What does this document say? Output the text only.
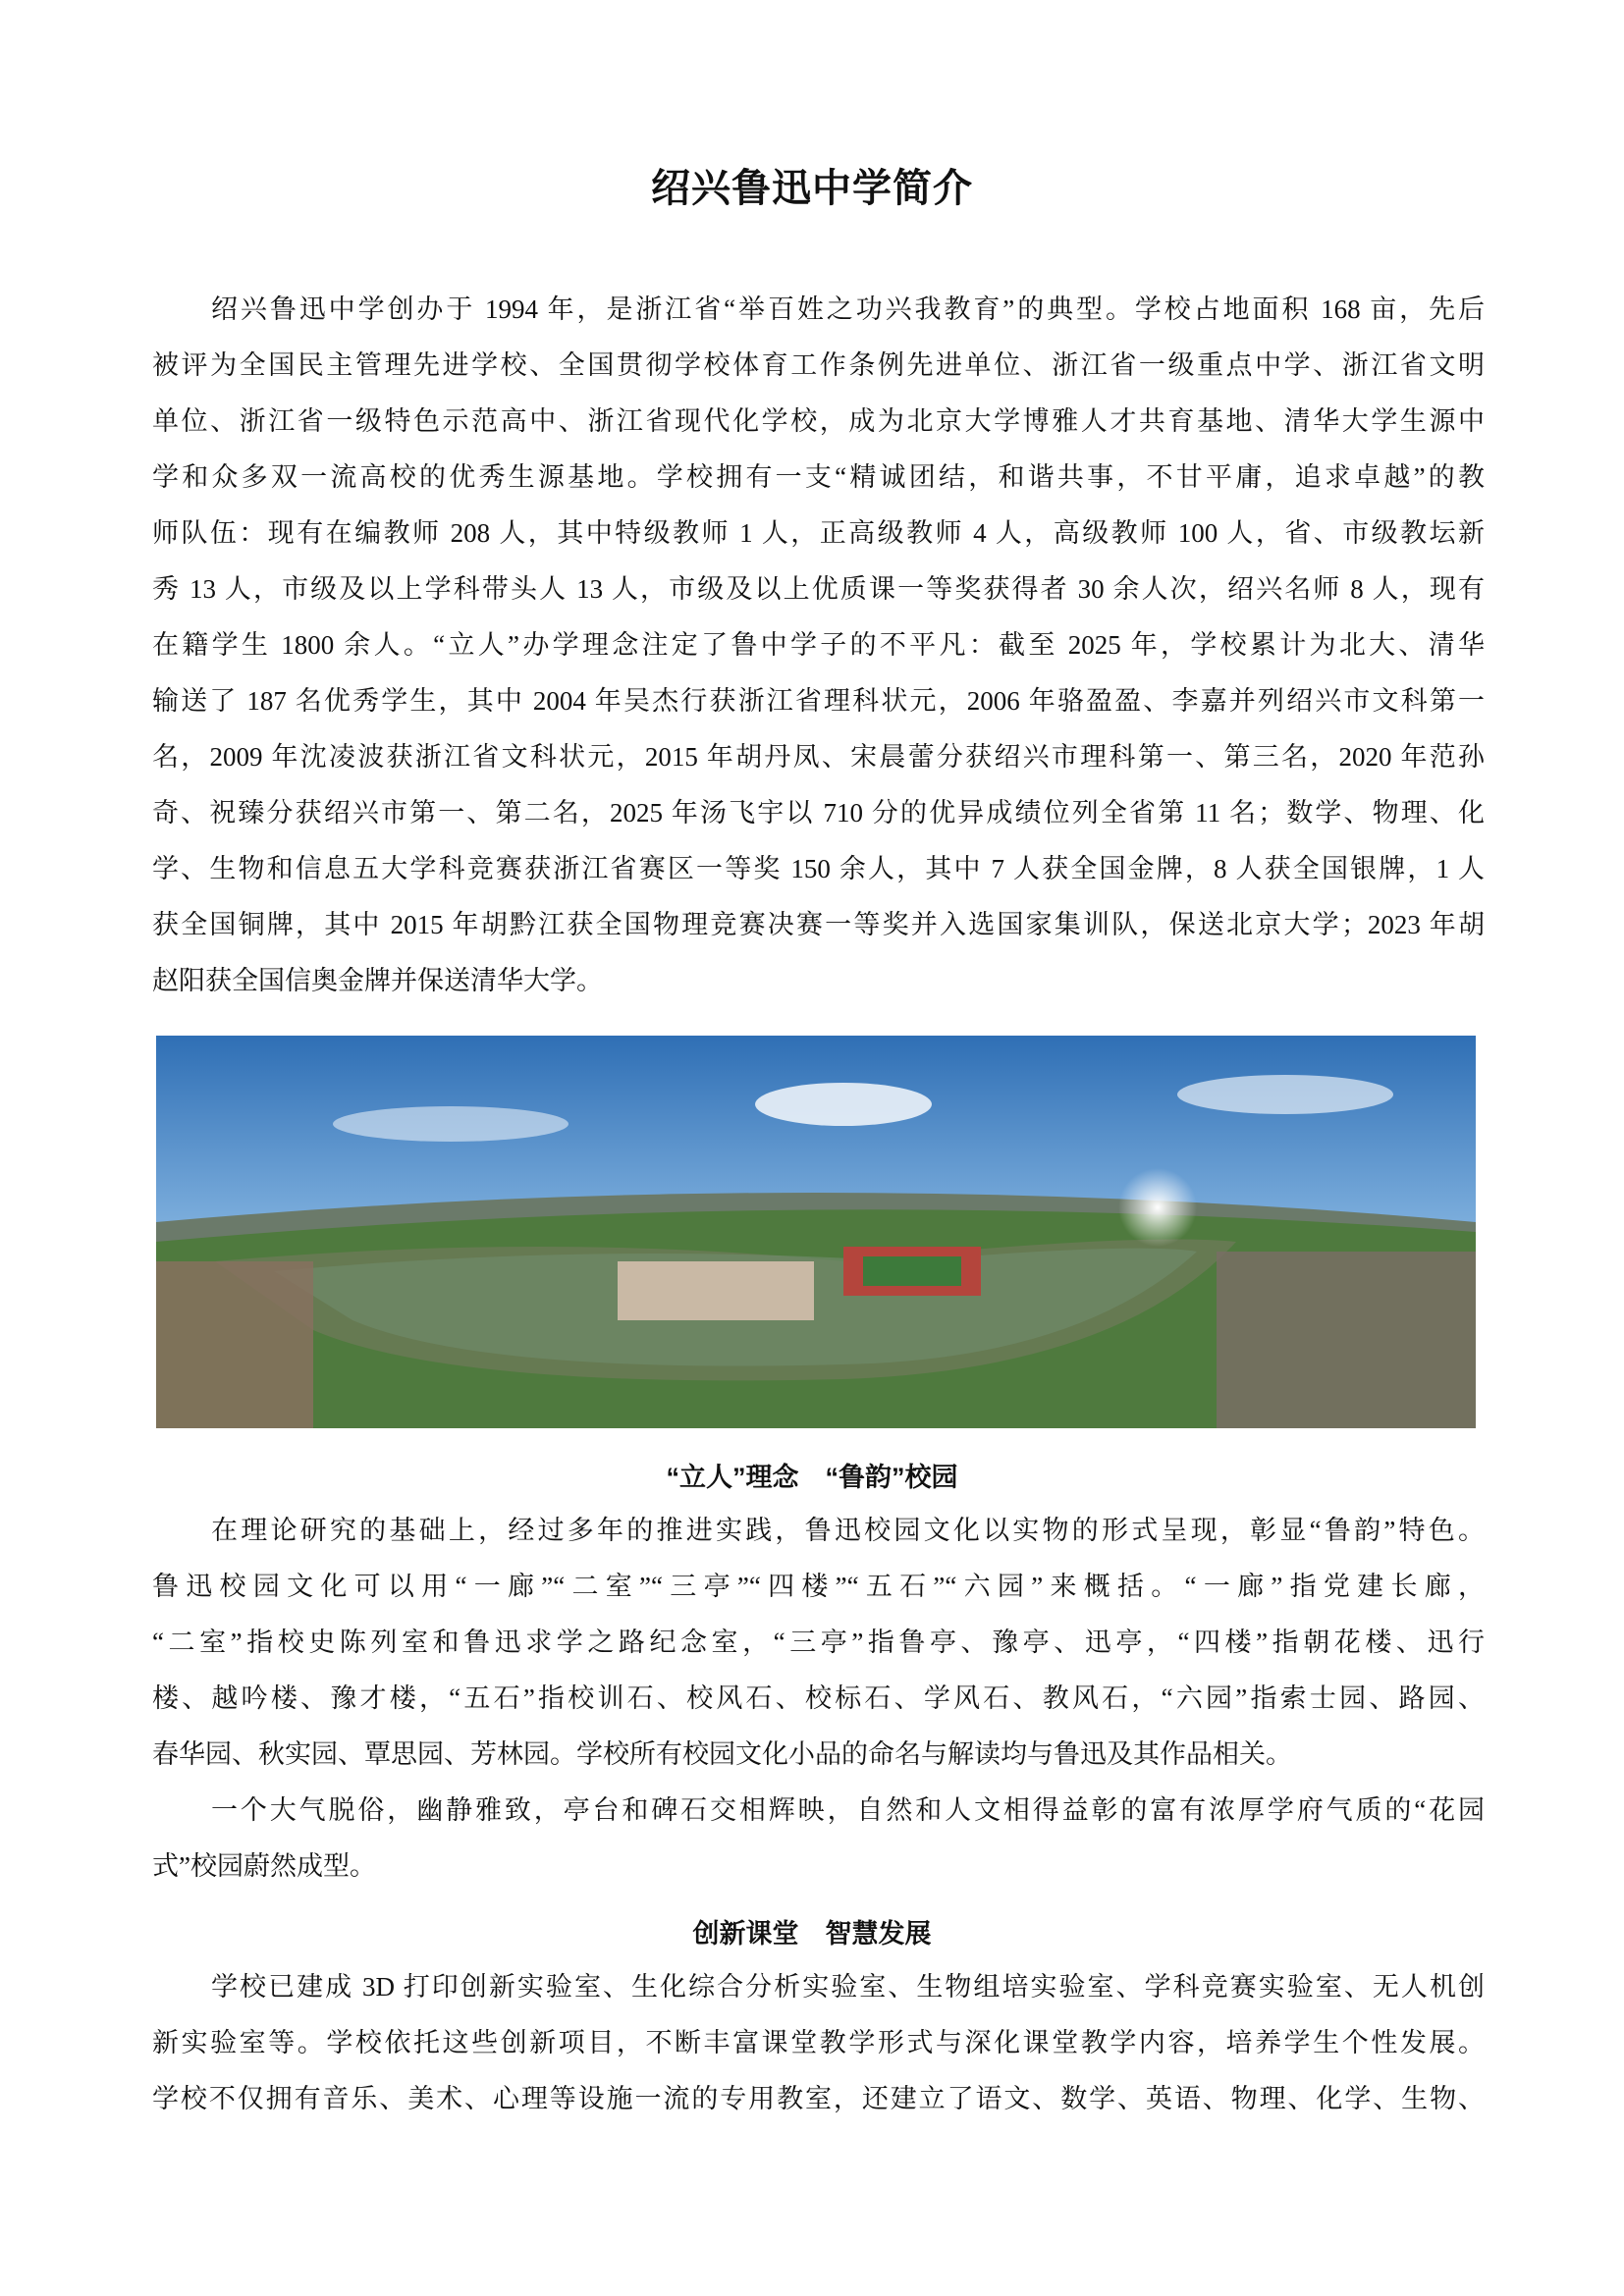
绍兴鲁迅中学简介
绍兴鲁迅中学创办于 1994 年，是浙江省“举百姓之功兴我教育”的典型。学校占地面积 168 亩，先后
被评为全国民主管理先进学校、全国贯彻学校体育工作条例先进单位、浙江省一级重点中学、浙江省文明
单位、浙江省一级特色示范高中、浙江省现代化学校，成为北京大学博雅人才共育基地、清华大学生源中
学和众多双一流高校的优秀生源基地。学校拥有一支“精诚团结，和谐共事，不甘平庸，追求卓越”的教
师队伍：现有在编教师 208 人，其中特级教师 1 人，正高级教师 4 人，高级教师 100 人，省、市级教坛新
秀 13 人，市级及以上学科带头人 13 人，市级及以上优质课一等奖获得者 30 余人次，绍兴名师 8 人，现有
在籍学生 1800 余人。“立人”办学理念注定了鲁中学子的不平凡：截至 2025 年，学校累计为北大、清华
输送了 187 名优秀学生，其中 2004 年吴杰行获浙江省理科状元，2006 年骆盈盈、李嘉并列绍兴市文科第一
名，2009 年沈凌波获浙江省文科状元，2015 年胡丹凤、宋晨蕾分获绍兴市理科第一、第三名，2020 年范孙
奇、祝臻分获绍兴市第一、第二名，2025 年汤飞宇以 710 分的优异成绩位列全省第 11 名；数学、物理、化
学、生物和信息五大学科竞赛获浙江省赛区一等奖 150 余人，其中 7 人获全国金牌，8 人获全国银牌，1 人
获全国铜牌，其中 2015 年胡黔江获全国物理竞赛决赛一等奖并入选国家集训队，保送北京大学；2023 年胡
赵阳获全国信奥金牌并保送清华大学。
“立人”理念　“鲁韵”校园
在理论研究的基础上，经过多年的推进实践，鲁迅校园文化以实物的形式呈现，彰显“鲁韵”特色。
鲁迅校园文化可以用“一廊”“二室”“三亭”“四楼”“五石”“六园”来概括。“一廊”指党建长廊，
“二室”指校史陈列室和鲁迅求学之路纪念室，“三亭”指鲁亭、豫亭、迅亭，“四楼”指朝花楼、迅行
楼、越吟楼、豫才楼，“五石”指校训石、校风石、校标石、学风石、教风石，“六园”指索士园、路园、
春华园、秋实园、覃思园、芳林园。学校所有校园文化小品的命名与解读均与鲁迅及其作品相关。
一个大气脱俗，幽静雅致，亭台和碑石交相辉映，自然和人文相得益彰的富有浓厚学府气质的“花园
式”校园蔚然成型。
创新课堂　智慧发展
学校已建成 3D 打印创新实验室、生化综合分析实验室、生物组培实验室、学科竞赛实验室、无人机创
新实验室等。学校依托这些创新项目，不断丰富课堂教学形式与深化课堂教学内容，培养学生个性发展。
学校不仅拥有音乐、美术、心理等设施一流的专用教室，还建立了语文、数学、英语、物理、化学、生物、
